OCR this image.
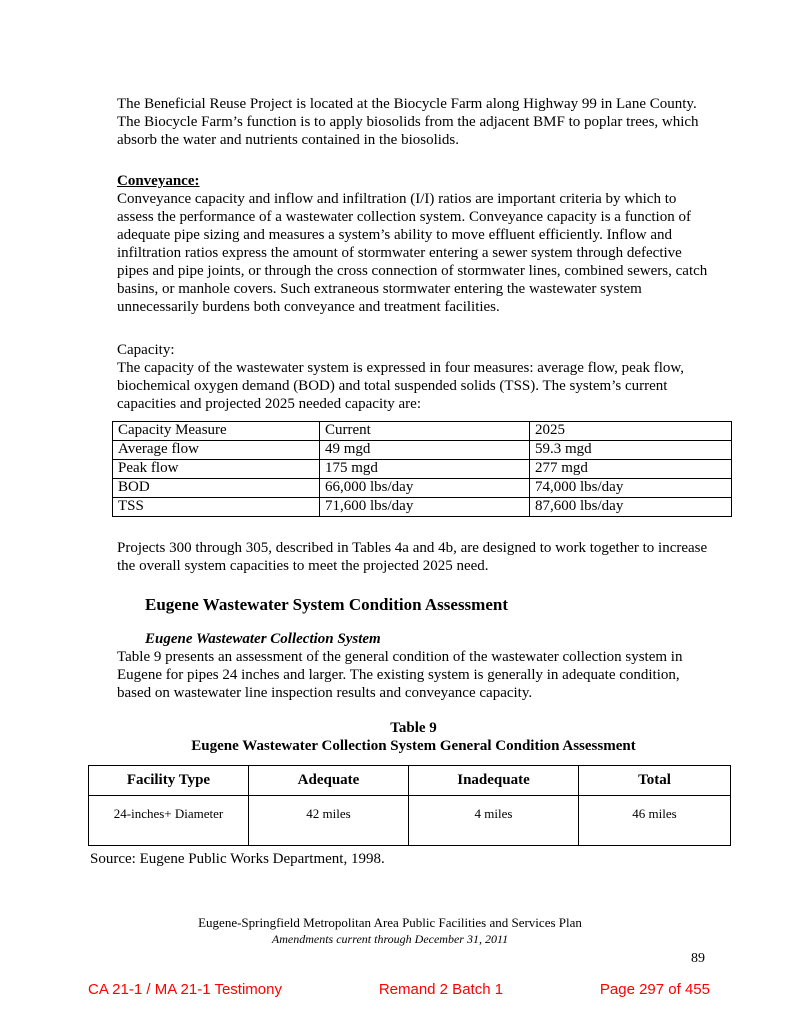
The Beneficial Reuse Project is located at the Biocycle Farm along Highway 99 in Lane County. The Biocycle Farm’s function is to apply biosolids from the adjacent BMF to poplar trees, which absorb the water and nutrients contained in the biosolids.

Conveyance:

Conveyance capacity and inflow and infiltration (I/I) ratios are important criteria by which to assess the performance of a wastewater collection system. Conveyance capacity is a function of adequate pipe sizing and measures a system’s ability to move effluent efficiently. Inflow and infiltration ratios express the amount of stormwater entering a sewer system through defective pipes and pipe joints, or through the cross connection of stormwater lines, combined sewers, catch basins, or manhole covers. Such extraneous stormwater entering the wastewater system unnecessarily burdens both conveyance and treatment facilities.

Capacity:

The capacity of the wastewater system is expressed in four measures: average flow, peak flow, biochemical oxygen demand (BOD) and total suspended solids (TSS). The system’s current capacities and projected 2025 needed capacity are:

Capacity Measure	Current	2025
Average flow	49 mgd	59.3 mgd
Peak flow	175 mgd	277 mgd
BOD	66,000 lbs/day	74,000 lbs/day
TSS	71,600 lbs/day	87,600 lbs/day

Projects 300 through 305, described in Tables 4a and 4b, are designed to work together to increase the overall system capacities to meet the projected 2025 need.

Eugene Wastewater System Condition Assessment

Eugene Wastewater Collection System

Table 9 presents an assessment of the general condition of the wastewater collection system in Eugene for pipes 24 inches and larger. The existing system is generally in adequate condition, based on wastewater line inspection results and conveyance capacity.

Table 9

Eugene Wastewater Collection System General Condition Assessment

Facility Type	Adequate	Inadequate	Total
24-inches+ Diameter	42 miles	4 miles	46 miles

Source: Eugene Public Works Department, 1998.

Eugene-Springfield Metropolitan Area Public Facilities and Services Plan
Amendments current through December 31, 2011
89
CA 21-1 / MA 21-1 Testimony	Remand 2 Batch 1	Page 297 of 455
